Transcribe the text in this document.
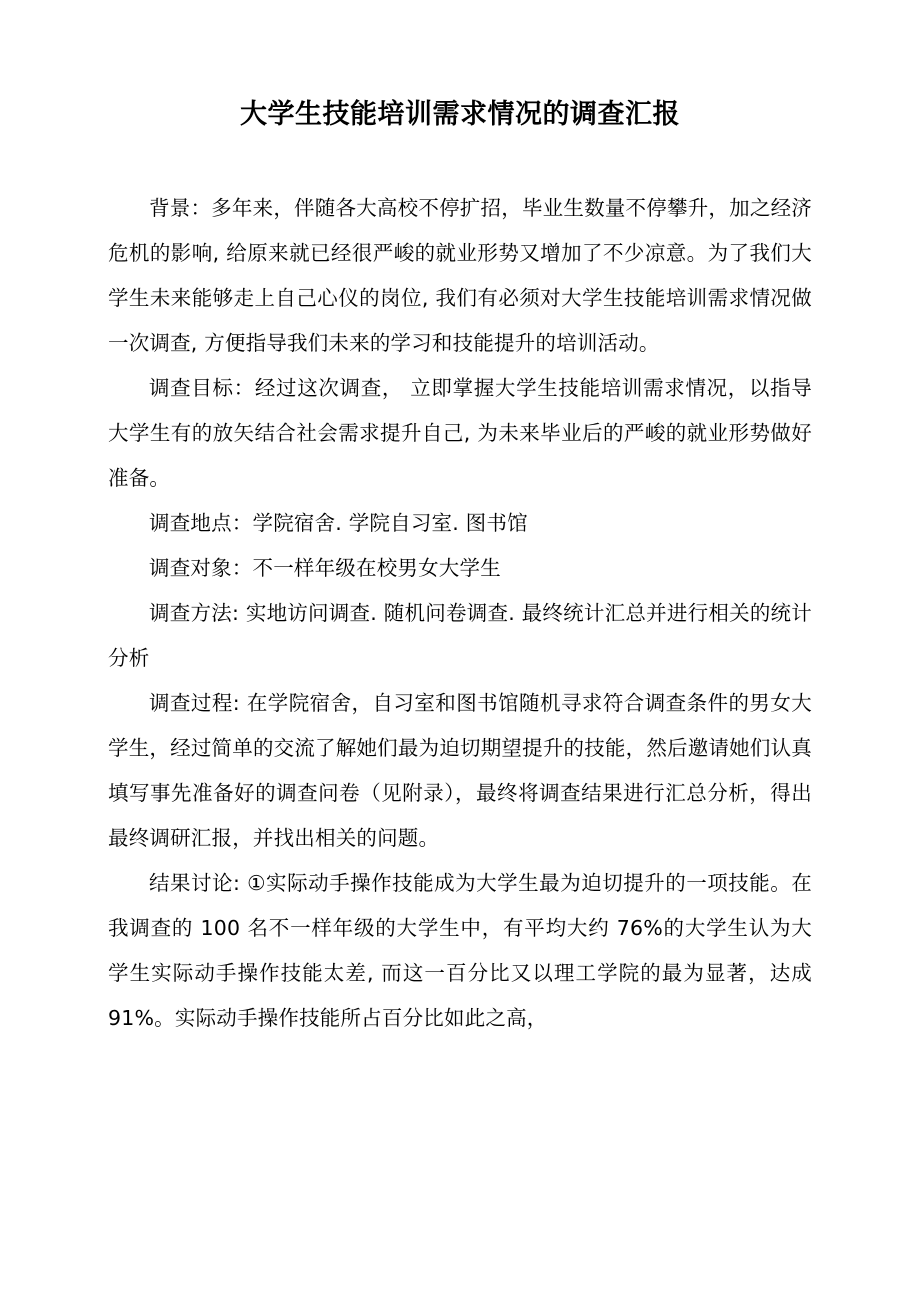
大学生技能培训需求情况的调查汇报

背景：多年来，伴随各大高校不停扩招，毕业生数量不停攀升，加之经济危机的影响, 给原来就已经很严峻的就业形势又增加了不少凉意。为了我们大学生未来能够走上自己心仪的岗位, 我们有必须对大学生技能培训需求情况做一次调查, 方便指导我们未来的学习和技能提升的培训活动。

调查目标：经过这次调查， 立即掌握大学生技能培训需求情况，以指导大学生有的放矢结合社会需求提升自己, 为未来毕业后的严峻的就业形势做好准备。

调查地点：学院宿舍. 学院自习室. 图书馆

调查对象：不一样年级在校男女大学生

调查方法: 实地访问调查. 随机问卷调查. 最终统计汇总并进行相关的统计分析

调查过程: 在学院宿舍，自习室和图书馆随机寻求符合调查条件的男女大学生，经过简单的交流了解她们最为迫切期望提升的技能，然后邀请她们认真填写事先准备好的调查问卷（见附录），最终将调查结果进行汇总分析，得出最终调研汇报，并找出相关的问题。

结果讨论: ①实际动手操作技能成为大学生最为迫切提升的一项技能。在我调查的 100 名不一样年级的大学生中，有平均大约 76%的大学生认为大学生实际动手操作技能太差, 而这一百分比又以理工学院的最为显著，达成 91%。实际动手操作技能所占百分比如此之高，
